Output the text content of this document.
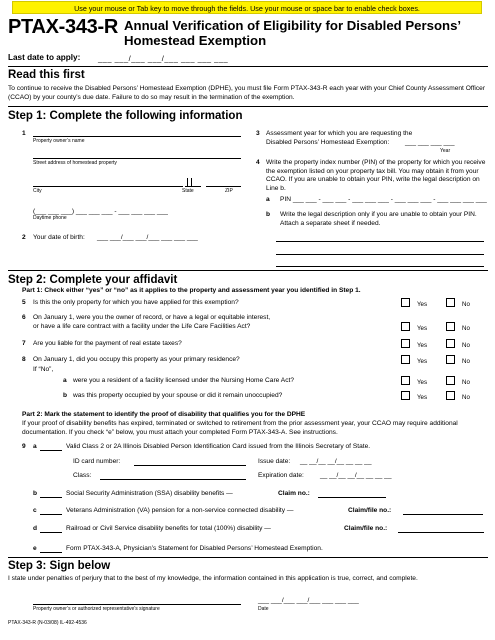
Use your mouse or Tab key to move through the fields. Use your mouse or space bar to enable check boxes.
PTAX-343-R Annual Verification of Eligibility for Disabled Persons’ Homestead Exemption
Last date to apply: ___ ___/___ ___/___ ___ ___ ___
Read this first
To continue to receive the Disabled Persons’ Homestead Exemption (DPHE), you must file Form PTAX-343-R each year with your Chief County Assessment Officer (CCAO) by your county’s due date. Failure to do so may result in the termination of the exemption.
Step 1: Complete the following information
1
Property owner’s name
Street address of homestead property
City	State	ZIP
(___ ___ ___) ___ ___ ___ - ___ ___ ___ ___
Daytime phone
2 Your date of birth: ___ ___/___ ___/___ ___ ___ ___
3 Assessment year for which you are requesting the
Disabled Persons’ Homestead Exemption: ___ ___ ___ ___
Year
4 Write the property index number (PIN) of the property for which you receive the exemption listed on your property tax bill. You may obtain it from your CCAO. If you are unable to obtain your PIN, write the legal description on Line b.
a PIN ___ ___ - ___ ___ - ___ ___ ___ - ___ ___ ___ - ___ ___ ___ ___
b Write the legal description only if you are unable to obtain your PIN. Attach a separate sheet if needed.
Step 2: Complete your affidavit
Part 1: Check either “yes” or “no” as it applies to the property and assessment year you identified in Step 1.
5 Is this the only property for which you have applied for this exemption?	Yes	No
6 On January 1, were you the owner of record, or have a legal or equitable interest,
or have a life care contract with a facility under the Life Care Facilities Act?	Yes	No
7 Are you liable for the payment of real estate taxes?	Yes	No
8 On January 1, did you occupy this property as your primary residence?	Yes	No
If “No”,
a were you a resident of a facility licensed under the Nursing Home Care Act?	Yes	No
b was this property occupied by your spouse or did it remain unoccupied?	Yes	No
Part 2: Mark the statement to identify the proof of disability that qualifies you for the DPHE
If your proof of disability benefits has expired, terminated or switched to retirement from the prior assessment year, your CCAO may require additional documentation. If you check “e” below, you must attach your completed Form PTAX-343-A. See instructions.
9 a	Valid Class 2 or 2A Illinois Disabled Person Identification Card issued from the Illinois Secretary of State.
ID card number:	Issue date: __ __/__ __/__ __ __ __
Class:	Expiration date: __ __/__ __/__ __ __ __
b	Social Security Administration (SSA) disability benefits —	Claim no.:
c	Veterans Administration (VA) pension for a non-service connected disability —	Claim/file no.:
d	Railroad or Civil Service disability benefits for total (100%) disability —	Claim/file no.:
e	Form PTAX-343-A, Physician’s Statement for Disabled Persons’ Homestead Exemption.
Step 3: Sign below
I state under penalties of perjury that to the best of my knowledge, the information contained in this application is true, correct, and complete.
Property owner’s or authorized representative’s signature
___ ___/___ ___/___ ___ ___ ___
Date
PTAX-343-R (N-03/08) IL-492-4536
